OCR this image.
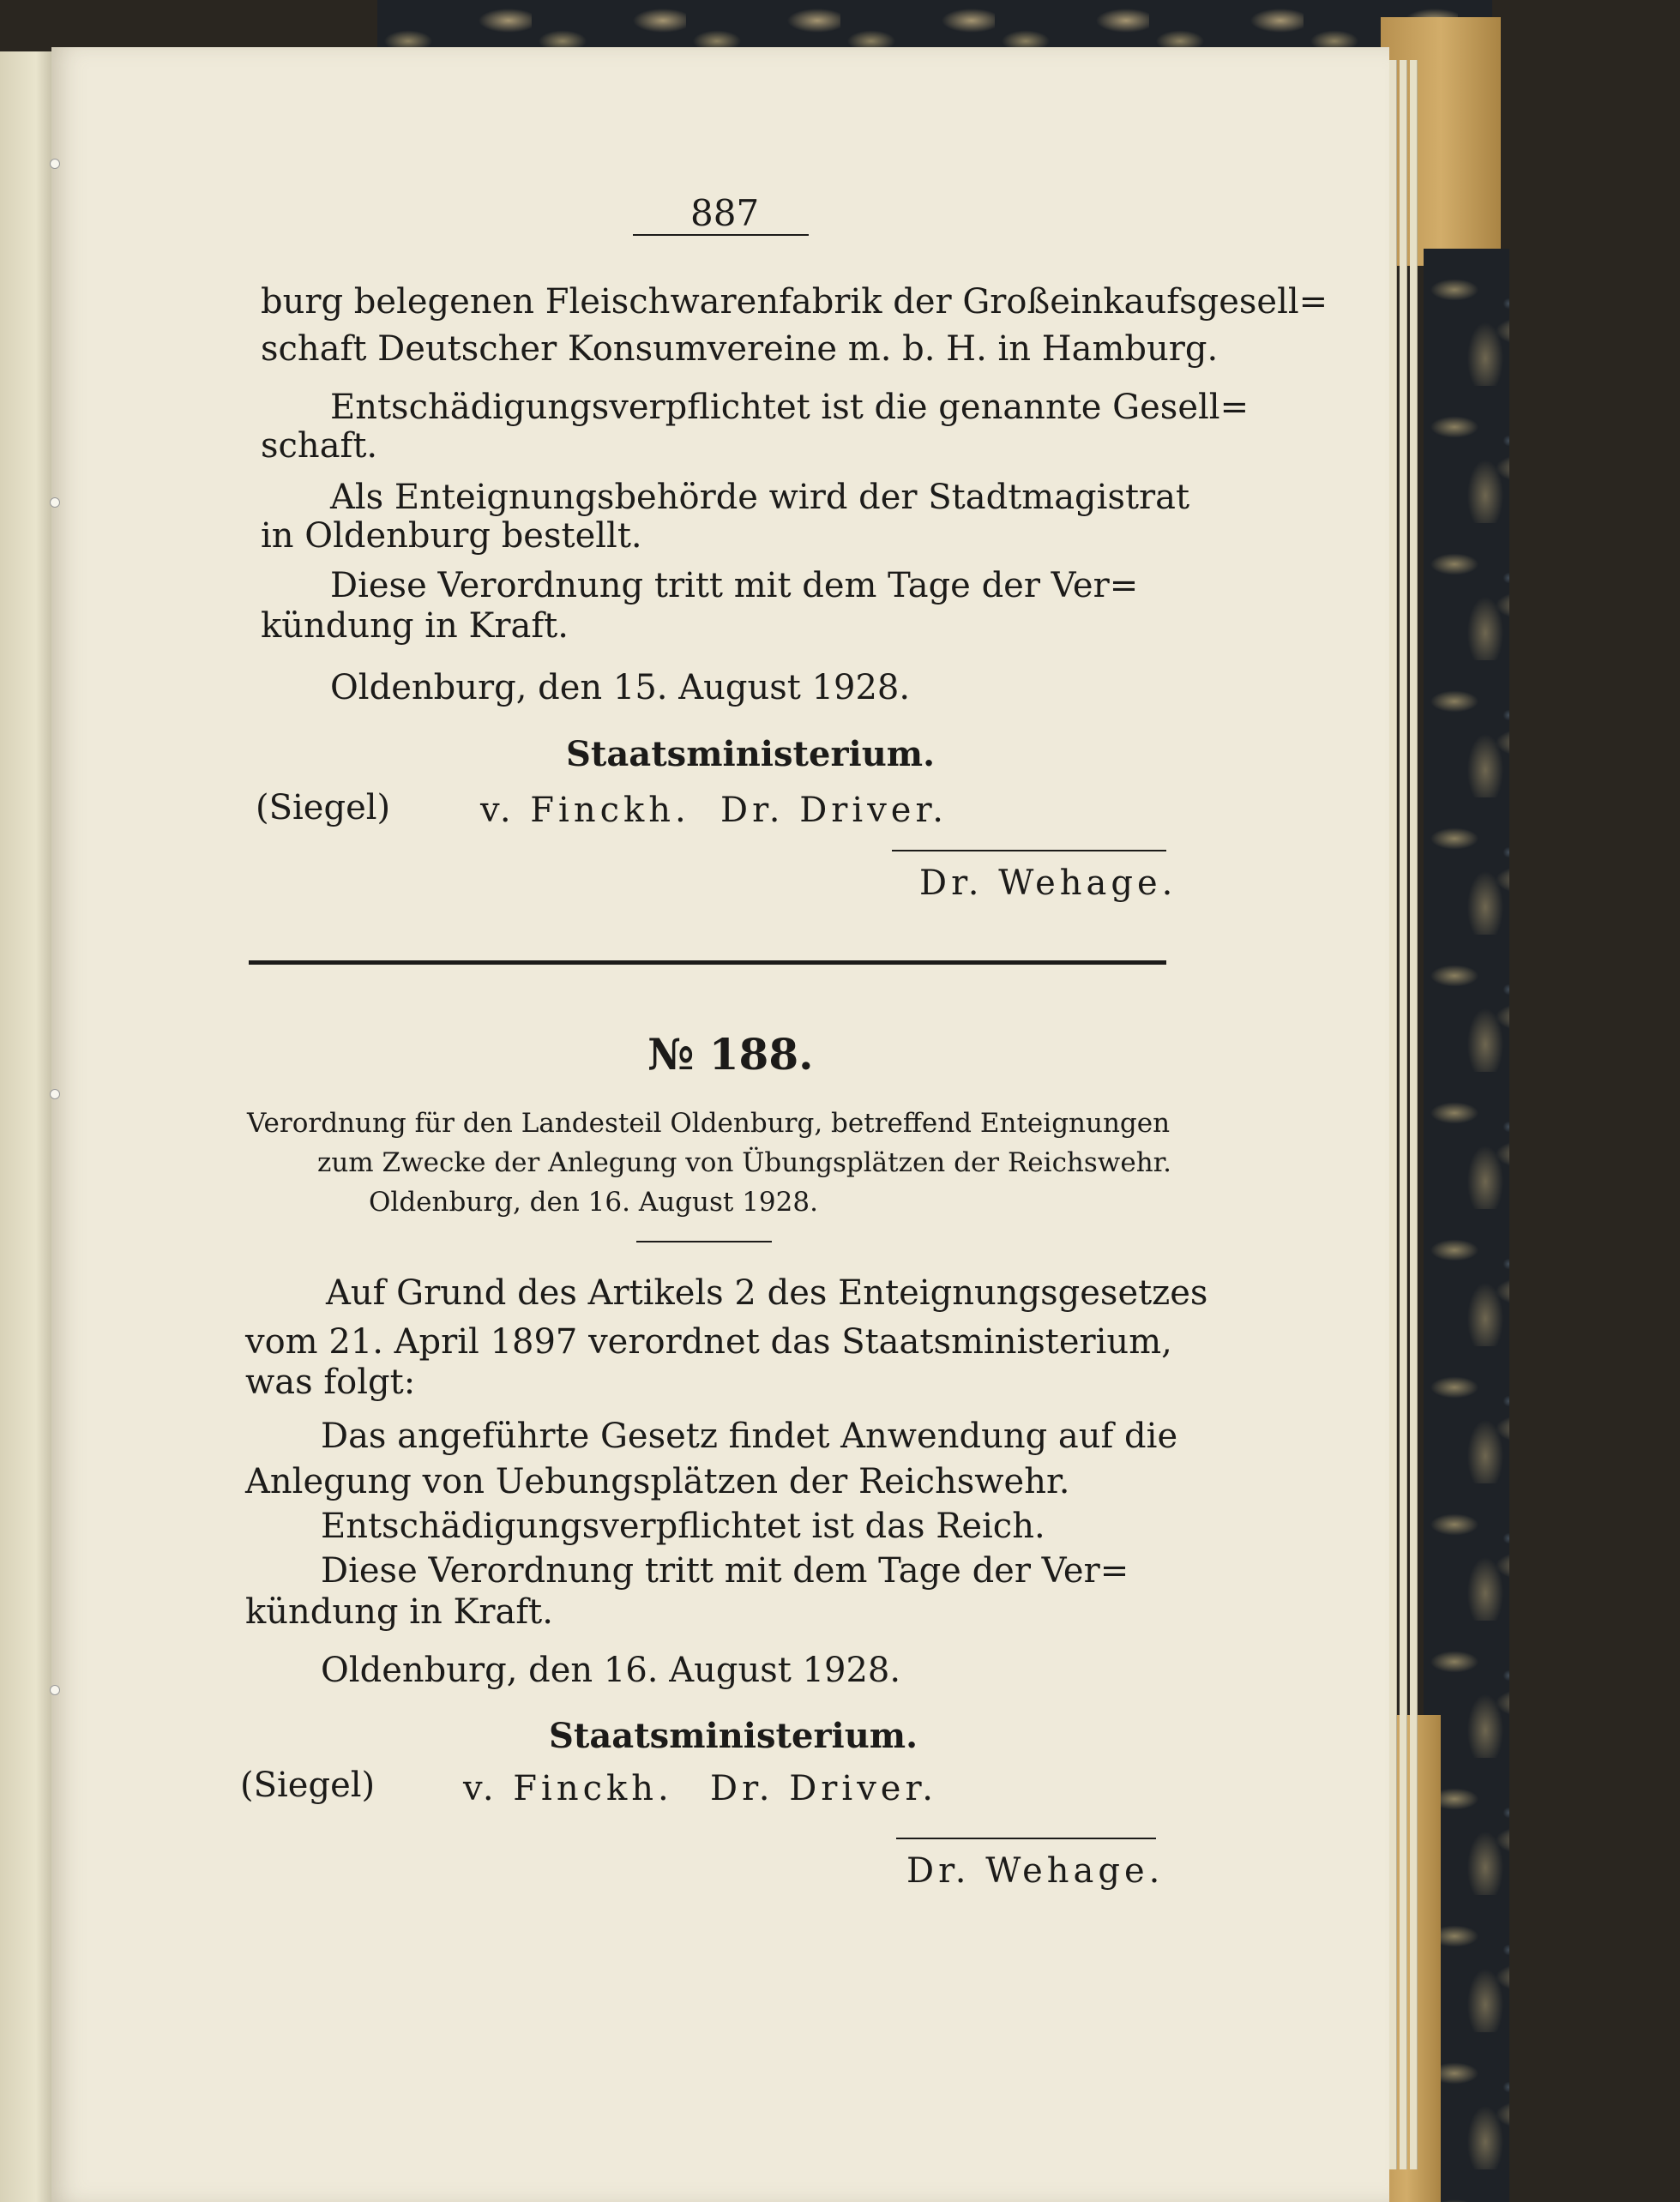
887
burg belegenen Fleischwarenfabrik der Großeinkaufsgesell=
schaft Deutscher Konsumvereine m. b. H. in Hamburg.
Entschädigungsverpflichtet ist die genannte Gesell=
schaft.
Als Enteignungsbehörde wird der Stadtmagistrat
in Oldenburg bestellt.
Diese Verordnung tritt mit dem Tage der Ver=
kündung in Kraft.
Oldenburg, den 15. August 1928.
Staatsministerium.
(Siegel)	v. Finckh. Dr. Driver.
Dr. Wehage.
№ 188.
Verordnung für den Landesteil Oldenburg, betreffend Enteignungen
zum Zwecke der Anlegung von Übungsplätzen der Reichswehr.
Oldenburg, den 16. August 1928.
Auf Grund des Artikels 2 des Enteignungsgesetzes
vom 21. April 1897 verordnet das Staatsministerium,
was folgt:
Das angeführte Gesetz findet Anwendung auf die
Anlegung von Uebungsplätzen der Reichswehr.
Entschädigungsverpflichtet ist das Reich.
Diese Verordnung tritt mit dem Tage der Ver=
kündung in Kraft.
Oldenburg, den 16. August 1928.
Staatsministerium.
(Siegel)	v. Finckh. Dr. Driver.
Dr. Wehage.
